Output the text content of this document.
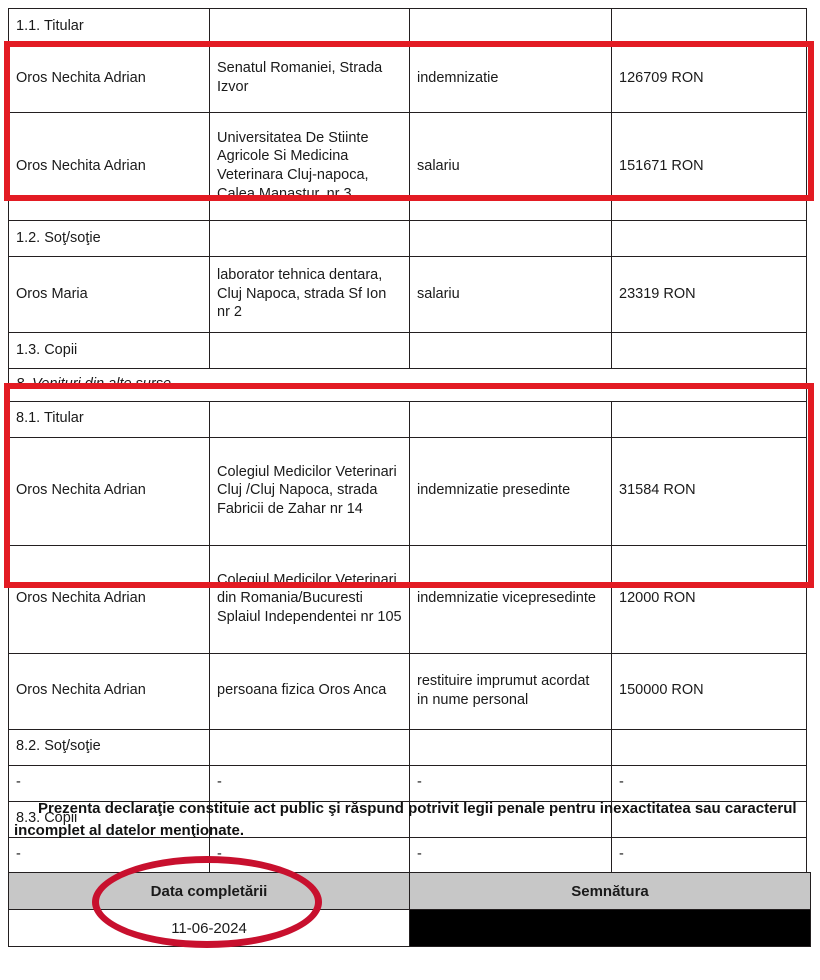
1.1. Titular			
Oros Nechita Adrian	Senatul Romaniei, Strada Izvor	indemnizatie	126709 RON
Oros Nechita Adrian	Universitatea De Stiinte Agricole Si Medicina Veterinara Cluj-napoca, Calea Manastur, nr 3	salariu	151671 RON
1.2. Soţ/soţie			
Oros Maria	laborator tehnica dentara, Cluj Napoca, strada Sf Ion nr 2	salariu	23319 RON
1.3. Copii			
8. Venituri din alte surse			
8.1. Titular			
Oros Nechita Adrian	Colegiul Medicilor Veterinari Cluj /Cluj Napoca, strada Fabricii de Zahar nr 14	indemnizatie presedinte	31584 RON
Oros Nechita Adrian	Colegiul Medicilor Veterinari din Romania/Bucuresti Splaiul Independentei nr 105	indemnizatie vicepresedinte	12000 RON
Oros Nechita Adrian	persoana fizica Oros Anca	restituire imprumut acordat in nume personal	150000 RON
8.2. Soţ/soţie			
-	-	-	-
8.3. Copii			
-	-	-	-
Prezenta declaraţie constituie act public şi răspund potrivit legii penale pentru inexactitatea sau caracterul incomplet al datelor menţionate.
Data completării	Semnătura
11-06-2024	
